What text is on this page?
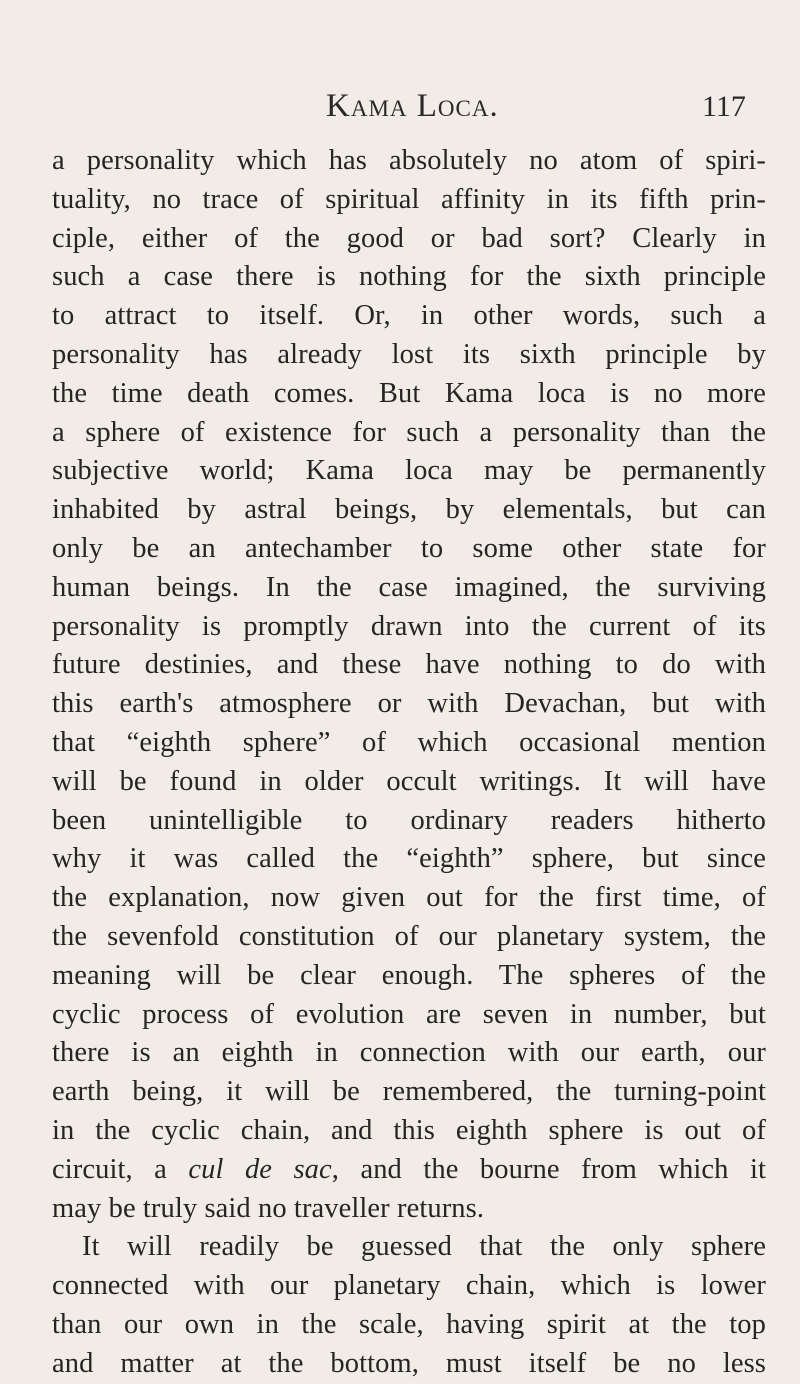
Kama Loca.	117
a personality which has absolutely no atom of spiri-
tuality, no trace of spiritual affinity in its fifth prin-
ciple, either of the good or bad sort? Clearly in
such a case there is nothing for the sixth principle
to attract to itself. Or, in other words, such a
personality has already lost its sixth principle by
the time death comes. But Kama loca is no more
a sphere of existence for such a personality than the
subjective world; Kama loca may be permanently
inhabited by astral beings, by elementals, but can
only be an antechamber to some other state for
human beings. In the case imagined, the surviving
personality is promptly drawn into the current of its
future destinies, and these have nothing to do with
this earth's atmosphere or with Devachan, but with
that “eighth sphere” of which occasional mention
will be found in older occult writings. It will have
been unintelligible to ordinary readers hitherto
why it was called the “eighth” sphere, but since
the explanation, now given out for the first time, of
the sevenfold constitution of our planetary system, the
meaning will be clear enough. The spheres of the
cyclic process of evolution are seven in number, but
there is an eighth in connection with our earth, our
earth being, it will be remembered, the turning-point
in the cyclic chain, and this eighth sphere is out of
circuit, a cul de sac, and the bourne from which it
may be truly said no traveller returns.
It will readily be guessed that the only sphere
connected with our planetary chain, which is lower
than our own in the scale, having spirit at the top
and matter at the bottom, must itself be no less
